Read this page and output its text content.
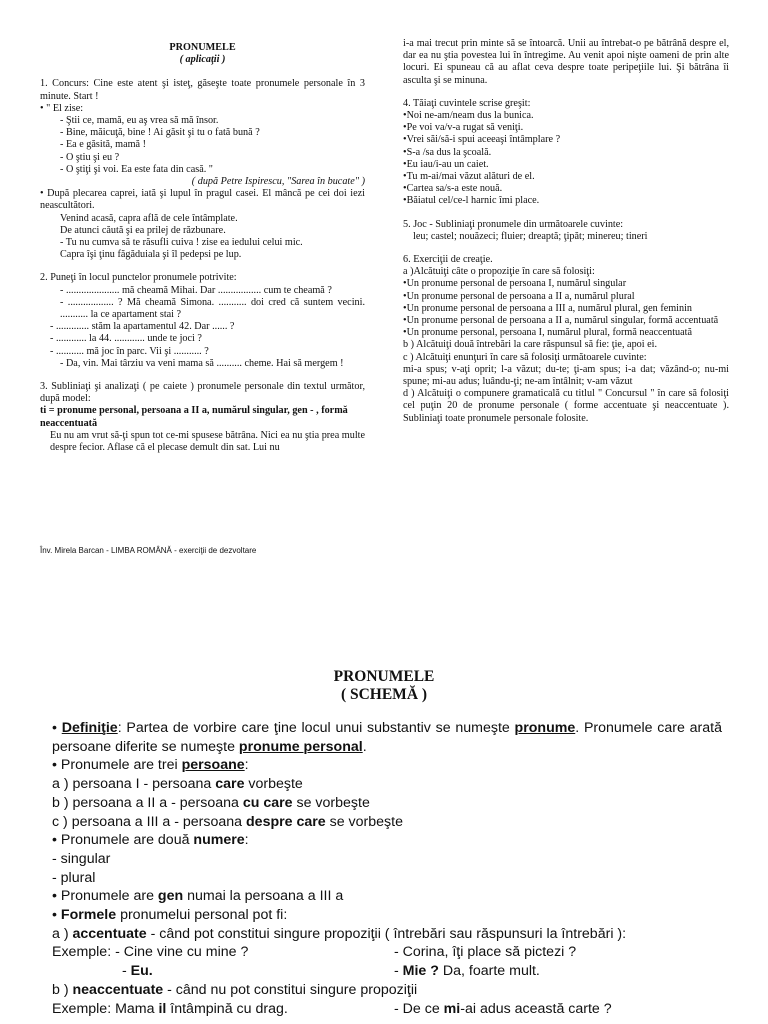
PRONUMELE
( aplicaţii )
1. Concurs: Cine este atent şi isteţ, găseşte toate pronumele personale în 3 minute. Start !
• " El zise:
- Ştii ce, mamă, eu aş vrea să mă însor.
- Bine, măicuţă, bine ! Ai găsit şi tu o fată bună ?
- Ea e găsită, mamă !
- O ştiu şi eu ?
- O ştiţi şi voi. Ea este fata din casă. "
( după Petre Ispirescu, "Sarea în bucate" )
• După plecarea caprei, iată şi lupul în pragul casei. El mâncă pe cei doi iezi neascultători.
Venind acasă, capra află de cele întâmplate.
De atunci căută şi ea prilej de răzbunare.
- Tu nu cumva să te răsufli cuiva ! zise ea iedului celui mic.
Capra îşi ţinu făgăduiala şi îl pedepsi pe lup.
2. Puneţi în locul punctelor pronumele potrivite:
- ..................... mă cheamă Mihai. Dar ................. cum te cheamă ?
- .................. ? Mă cheamă Simona. ........... doi cred că suntem vecini. ........... la ce apartament stai ?
- ............. stăm la apartamentul 42. Dar ...... ?
- ............ la 44. ............ unde te joci ?
- ........... mă joc în parc. Vii şi ........... ?
- Da, vin. Mai târziu va veni mama să .......... cheme. Hai să mergem !
3. Subliniaţi şi analizaţi ( pe caiete ) pronumele personale din textul următor, după model:
ti = pronume personal, persoana a II a, numărul singular, gen - , formă neaccentuată
Eu nu am vrut să-ţi spun tot ce-mi spusese bătrâna. Nici ea nu ştia prea multe despre fecior. Aflase că el plecase demult din sat. Lui nu
i-a mai trecut prin minte să se întoarcă. Unii au întrebat-o pe bătrână despre el, dar ea nu ştia povestea lui în întregime. Au venit apoi nişte oameni de prin alte locuri. Ei spuneau că au aflat ceva despre toate peripeţiile lui. Şi bătrâna îi asculta şi se minuna.
4. Tăiaţi cuvintele scrise greşit:
•Noi ne-am/neam dus la bunica.
•Pe voi va/v-a rugat să veniţi.
•Vrei săi/să-i spui aceeaşi întâmplare ?
•S-a /sa dus la şcoală.
•Eu iau/i-au un caiet.
•Tu m-ai/mai văzut alături de el.
•Cartea sa/s-a este nouă.
•Băiatul cel/ce-l harnic îmi place.
5. Joc - Subliniaţi pronumele din următoarele cuvinte:
leu; castel; nouăzeci; fluier; dreaptă; ţipăt; minereu; tineri
6. Exerciţii de creaţie.
a )Alcătuiţi câte o propoziţie în care să folosiţi:
•Un pronume personal de persoana I, numărul singular
•Un pronume personal de persoana a II a, numărul plural
•Un pronume personal de persoana a III a, numărul plural, gen feminin
•Un pronume personal de persoana a II a, numărul singular, formă accentuată
•Un pronume personal, persoana I, numărul plural, formă neaccentuată
b ) Alcătuiţi două întrebări la care răspunsul să fie: ţie, apoi ei.
c ) Alcătuiţi enunţuri în care să folosiţi următoarele cuvinte:
mi-a spus; v-aţi oprit; l-a văzut; du-te; ţi-am spus; i-a dat; văzând-o; nu-mi spune; mi-au adus; luându-ţi; ne-am întâlnit; v-am văzut
d ) Alcătuiţi o compunere gramaticală cu titlul " Concursul " în care să folosiţi cel puţin 20 de pronume personale ( forme accentuate şi neaccentuate ). Subliniaţi toate pronumele personale folosite.
Înv. Mirela Barcan - LIMBA ROMÂNĂ - exerciţii de dezvoltare
PRONUMELE
( SCHEMĂ )
• Definiţie: Partea de vorbire care ţine locul unui substantiv se numeşte pronume. Pronumele care arată persoane diferite se numeşte pronume personal.
• Pronumele are trei persoane:
a ) persoana I - persoana care vorbeşte
b ) persoana a II a - persoana cu care se vorbeşte
c ) persoana a III a - persoana despre care se vorbeşte
• Pronumele are două numere:
- singular
- plural
• Pronumele are gen numai la persoana a III a
• Formele pronumelui personal pot fi:
a ) accentuate - când pot constitui singure propoziţii ( întrebări sau răspunsuri la întrebări ):
Exemple: - Cine vine cu mine ?	- Corina, îţi place să pictezi ?
- Eu.	- Mie ? Da, foarte mult.
b ) neaccentuate - când nu pot constitui singure propoziţii
Exemple: Mama il întâmpină cu drag.	- De ce mi-ai adus această carte ?
